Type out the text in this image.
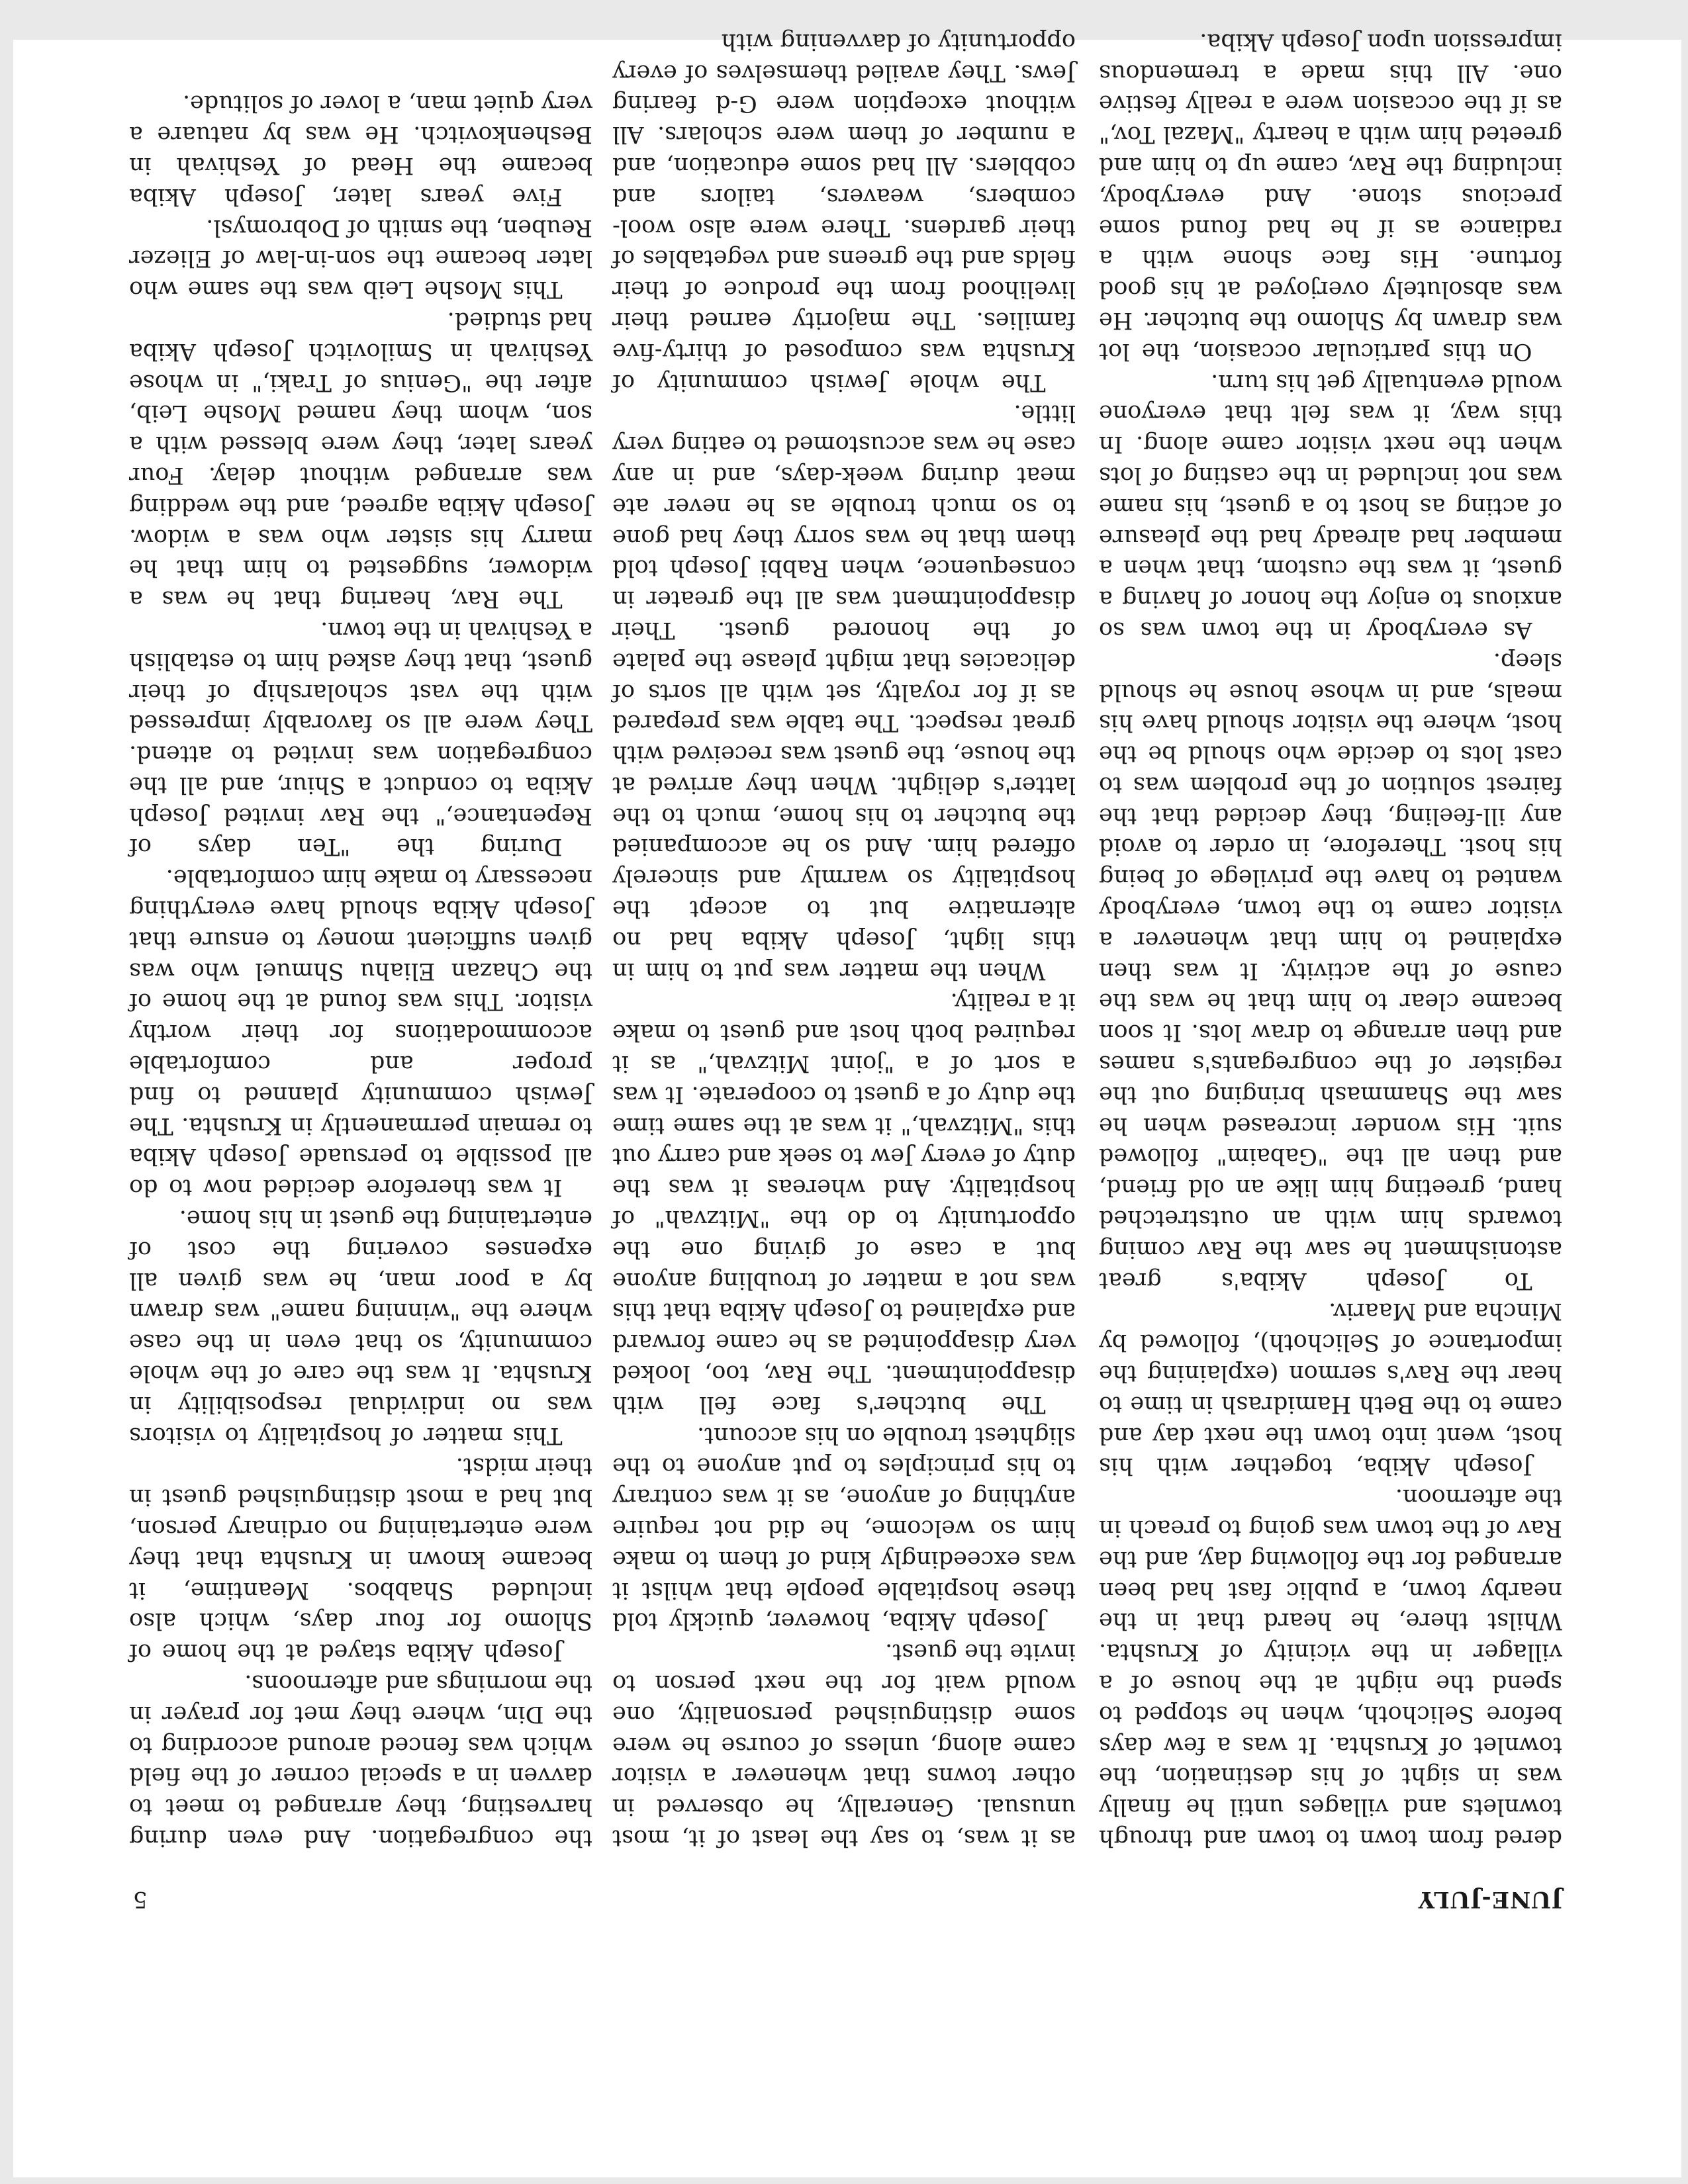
JUNE-JULY
5

dered from town to town and through townlets and villages until he finally was in sight of his destination, the townlet of Krushta. It was a few days before Selichoth, when he stopped to spend the night at the house of a villager in the vicinity of Krushta. Whilst there, he heard that in the nearby town, a public fast had been arranged for the following day, and the Rav of the town was going to preach in the afternoon.

Joseph Akiba, together with his host, went into town the next day and came to the Beth Hamidrash in time to hear the Rav's sermon (explaining the importance of Selichoth), followed by Mincha and Maariv.

To Joseph Akiba's great astonishment he saw the Rav coming towards him with an outstretched hand, greeting him like an old friend, and then all the "Gabaim" followed suit. His wonder increased when he saw the Shammash bringing out the register of the congregants's names and then arrange to draw lots. It soon became clear to him that he was the cause of the activity. It was then explained to him that whenever a visitor came to the town, everybody wanted to have the privilege of being his host. Therefore, in order to avoid any ill-feeling, they decided that the fairest solution of the problem was to cast lots to decide who should be the host, where the visitor should have his meals, and in whose house he should sleep.

As everybody in the town was so anxious to enjoy the honor of having a guest, it was the custom, that when a member had already had the pleasure of acting as host to a guest, his name was not included in the casting of lots when the next visitor came along. In this way, it was felt that everyone would eventually get his turn.

On this particular occasion, the lot was drawn by Shlomo the butcher. He was absolutely overjoyed at his good fortune. His face shone with a radiance as if he had found some precious stone. And everybody, including the Rav, came up to him and greeted him with a hearty "Mazal Tov," as if the occasion were a really festive one. All this made a tremendous impression upon Joseph Akiba.

as it was, to say the least of it, most unusual. Generally, he observed in other towns that whenever a visitor came along, unless of course he were some distinguished personality, one would wait for the next person to invite the guest.

Joseph Akiba, however, quickly told these hospitable people that whilst it was exceedingly kind of them to make him so welcome, he did not require anything of anyone, as it was contrary to his principles to put anyone to the slightest trouble on his account.

The butcher's face fell with disappointment. The Rav, too, looked very disappointed as he came forward and explained to Joseph Akiba that this was not a matter of troubling anyone but a case of giving one the opportunity to do the "Mitzvah" of hospitality. And whereas it was the duty of every Jew to seek and carry out this "Mitzvah," it was at the same time the duty of a guest to cooperate. It was a sort of a "joint Mitzvah," as it required both host and guest to make it a reality.

When the matter was put to him in this light, Joseph Akiba had no alternative but to accept the hospitality so warmly and sincerely offered him. And so he accompanied the butcher to his home, much to the latter's delight. When they arrived at the house, the guest was received with great respect. The table was prepared as if for royalty, set with all sorts of delicacies that might please the palate of the honored guest. Their disappointment was all the greater in consequence, when Rabbi Joseph told them that he was sorry they had gone to so much trouble as he never ate meat during week-days, and in any case he was accustomed to eating very little.

The whole Jewish community of Krushta was composed of thirty-five families. The majority earned their livelihood from the produce of their fields and the greens and vegetables of their gardens. There were also wool-combers, weavers, tailors and cobblers. All had some education, and a number of them were scholars. All without exception were G-d fearing Jews. They availed themselves of every opportunity of davvening with

the congregation. And even during harvesting, they arranged to meet to davven in a special corner of the field which was fenced around according to the Din, where they met for prayer in the mornings and afternoons.

Joseph Akiba stayed at the home of Shlomo for four days, which also included Shabbos. Meantime, it became known in Krushta that they were entertaining no ordinary person, but had a most distinguished guest in their midst.

This matter of hospitality to visitors was no individual resposibility in Krushta. It was the care of the whole community, so that even in the case where the "winning name" was drawn by a poor man, he was given all expenses covering the cost of entertaining the guest in his home.

It was therefore decided now to do all possible to persuade Joseph Akiba to remain permanently in Krushta. The Jewish community planned to find proper and comfortable accommodations for their worthy visitor. This was found at the home of the Chazan Eliahu Shmuel who was given sufficient money to ensure that Joseph Akiba should have everything necessary to make him comfortable.

During the "Ten days of Repentance," the Rav invited Joseph Akiba to conduct a Shiur, and all the congregation was invited to attend. They were all so favorably impressed with the vast scholarship of their guest, that they asked him to establish a Yeshivah in the town.

The Rav, hearing that he was a widower, suggested to him that he marry his sister who was a widow. Joseph Akiba agreed, and the wedding was arranged without delay. Four years later, they were blessed with a son, whom they named Moshe Leib, after the "Genius of Traki," in whose Yeshivah in Smilovitch Joseph Akiba had studied.

This Moshe Leib was the same who later became the son-in-law of Eliezer Reuben, the smith of Dobromysl.

Five years later, Joseph Akiba became the Head of Yeshivah in Beshenkovitch. He was by natuare a very quiet man, a lover of solitude.
